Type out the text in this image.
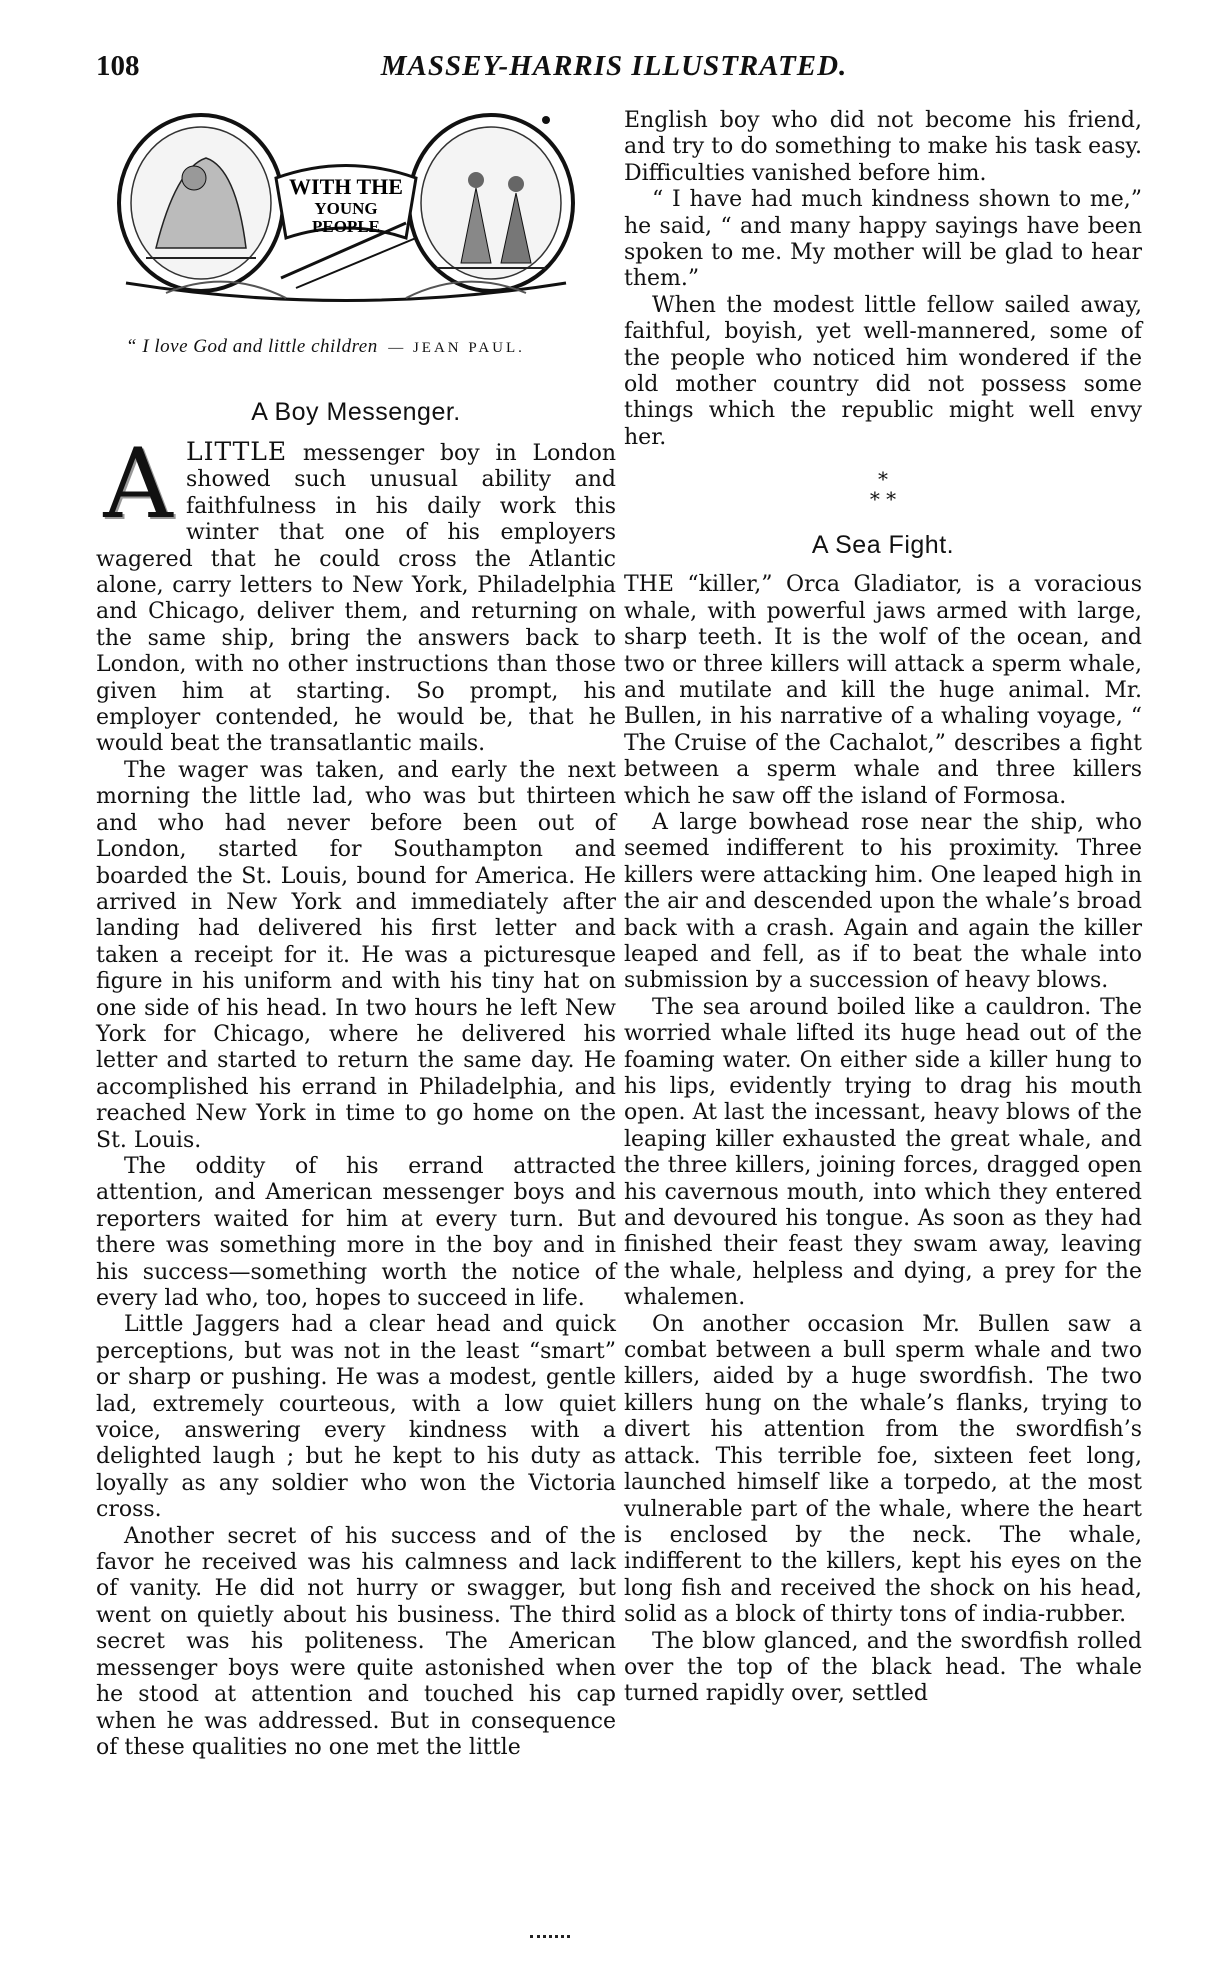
108	MASSEY-HARRIS ILLUSTRATED.
WITH THE
YOUNG
PEOPLE
“ I love God and little children — JEAN PAUL.
A Boy Messenger.

ALITTLE messenger boy in London showed such unusual ability and faithfulness in his daily work this winter that one of his employers wagered that he could cross the Atlantic alone, carry letters to New York, Philadelphia and Chicago, deliver them, and returning on the same ship, bring the answers back to London, with no other instructions than those given him at starting. So prompt, his employer contended, he would be, that he would beat the transatlantic mails.

The wager was taken, and early the next morning the little lad, who was but thirteen and who had never before been out of London, started for Southampton and boarded the St. Louis, bound for America. He arrived in New York and immediately after landing had delivered his first letter and taken a receipt for it. He was a picturesque figure in his uniform and with his tiny hat on one side of his head. In two hours he left New York for Chicago, where he delivered his letter and started to return the same day. He accomplished his errand in Philadelphia, and reached New York in time to go home on the St. Louis.

The oddity of his errand attracted attention, and American messenger boys and reporters waited for him at every turn. But there was something more in the boy and in his success—something worth the notice of every lad who, too, hopes to succeed in life.

Little Jaggers had a clear head and quick perceptions, but was not in the least “smart” or sharp or pushing. He was a modest, gentle lad, extremely courteous, with a low quiet voice, answering every kindness with a delighted laugh ; but he kept to his duty as loyally as any soldier who won the Victoria cross.

Another secret of his success and of the favor he received was his calmness and lack of vanity. He did not hurry or swagger, but went on quietly about his business. The third secret was his politeness. The American messenger boys were quite astonished when he stood at attention and touched his cap when he was addressed. But in consequence of these qualities no one met the little

English boy who did not become his friend, and try to do something to make his task easy. Difficulties vanished before him.

“ I have had much kindness shown to me,” he said, “ and many happy sayings have been spoken to me. My mother will be glad to hear them.”

When the modest little fellow sailed away, faithful, boyish, yet well-mannered, some of the people who noticed him wondered if the old mother country did not possess some things which the republic might well envy her.

*
* *
A Sea Fight.

THE “killer,” Orca Gladiator, is a voracious whale, with powerful jaws armed with large, sharp teeth. It is the wolf of the ocean, and two or three killers will attack a sperm whale, and mutilate and kill the huge animal. Mr. Bullen, in his narrative of a whaling voyage, “ The Cruise of the Cachalot,” describes a fight between a sperm whale and three killers which he saw off the island of Formosa.

A large bowhead rose near the ship, who seemed indifferent to his proximity. Three killers were attacking him. One leaped high in the air and descended upon the whale’s broad back with a crash. Again and again the killer leaped and fell, as if to beat the whale into submission by a succession of heavy blows.

The sea around boiled like a cauldron. The worried whale lifted its huge head out of the foaming water. On either side a killer hung to his lips, evidently trying to drag his mouth open. At last the incessant, heavy blows of the leaping killer exhausted the great whale, and the three killers, joining forces, dragged open his cavernous mouth, into which they entered and devoured his tongue. As soon as they had finished their feast they swam away, leaving the whale, helpless and dying, a prey for the whalemen.

On another occasion Mr. Bullen saw a combat between a bull sperm whale and two killers, aided by a huge swordfish. The two killers hung on the whale’s flanks, trying to divert his attention from the swordfish’s attack. This terrible foe, sixteen feet long, launched himself like a torpedo, at the most vulnerable part of the whale, where the heart is enclosed by the neck. The whale, indifferent to the killers, kept his eyes on the long fish and received the shock on his head, solid as a block of thirty tons of india-rubber.

The blow glanced, and the swordfish rolled over the top of the black head. The whale turned rapidly over, settled
